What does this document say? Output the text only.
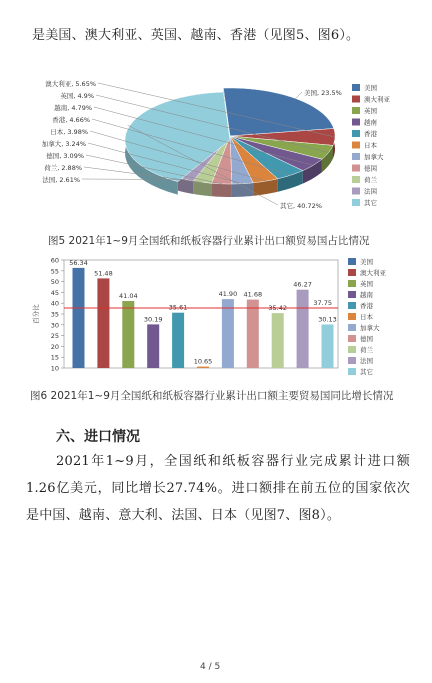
是美国、澳大利亚、英国、越南、香港（见图5、图6）。
美国, 23.5%
澳大利亚, 5.65%
英国, 4.9%
越南, 4.79%
香港, 4.66%
日本, 3.98%
加拿大, 3.24%
德国, 3.09%
荷兰, 2.88%
法国, 2.61%
其它, 40.72%
美国
澳大利亚
英国
越南
香港
日本
加拿大
德国
荷兰
法国
其它
图5 2021年1~9月全国纸和纸板容器行业累计出口额贸易国占比情况
60
55
50
45
40
35
30
25
20
15
10
百分比
56.34
51.48
41.04
30.19
35.61
10.65
41.90 41.68
35.42
46.27
30.13
37.75
美国
澳大利亚
英国
越南
香港
日本
加拿大
德国
荷兰
法国
其它
图6 2021年1~9月全国纸和纸板容器行业累计出口额主要贸易国同比增长情况
六、进口情况
2021年1~9月，全国纸和纸板容器行业完成累计进口额1.26亿美元，同比增长27.74%。进口额排在前五位的国家依次是中国、越南、意大利、法国、日本（见图7、图8）。
4 / 5
